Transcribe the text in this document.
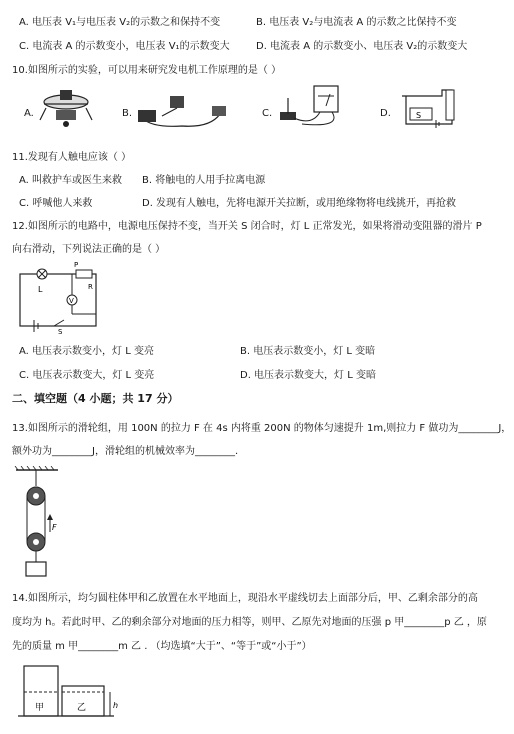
A. 电压表 V₁与电压表 V₂的示数之和保持不变	B. 电压表 V₂与电流表 A 的示数之比保持不变
C. 电流表 A 的示数变小，电压表 V₁的示数变大	D. 电流表 A 的示数变小、电压表 V₂的示数变大
10.如图所示的实验，可以用来研究发电机工作原理的是（ ）
A.	B.	C.	D.	S
11.发现有人触电应该（ ）
A. 叫救护车或医生来救 B. 将触电的人用手拉离电源
C. 呼喊他人来救	D. 发现有人触电，先将电源开关拉断，或用绝缘物将电线挑开，再抢救
12.如图所示的电路中，电源电压保持不变，当开关 S 闭合时，灯 L 正常发光，如果将滑动变阻器的滑片 P
向右滑动，下列说法正确的是（ ）
L
P
R
V
S
A. 电压表示数变小，灯 L 变亮	B. 电压表示数变小，灯 L 变暗
C. 电压表示数变大，灯 L 变亮	D. 电压表示数变大，灯 L 变暗
二、填空题（4 小题；共 17 分）
13.如图所示的滑轮组，用 100N 的拉力 F 在 4s 内将重 200N 的物体匀速提升 1m,则拉力 F 做功为________J，
额外功为________J，滑轮组的机械效率为________.
F
14.如图所示，均匀圆柱体甲和乙放置在水平地面上，现沿水平虚线切去上面部分后，甲、乙剩余部分的高
度均为 h。若此时甲、乙的剩余部分对地面的压力相等，则甲、乙原先对地面的压强 p 甲________p 乙 ，原
先的质量 m 甲________m 乙 . （均选填“大于”、“等于”或“小于”）
甲	乙	h
